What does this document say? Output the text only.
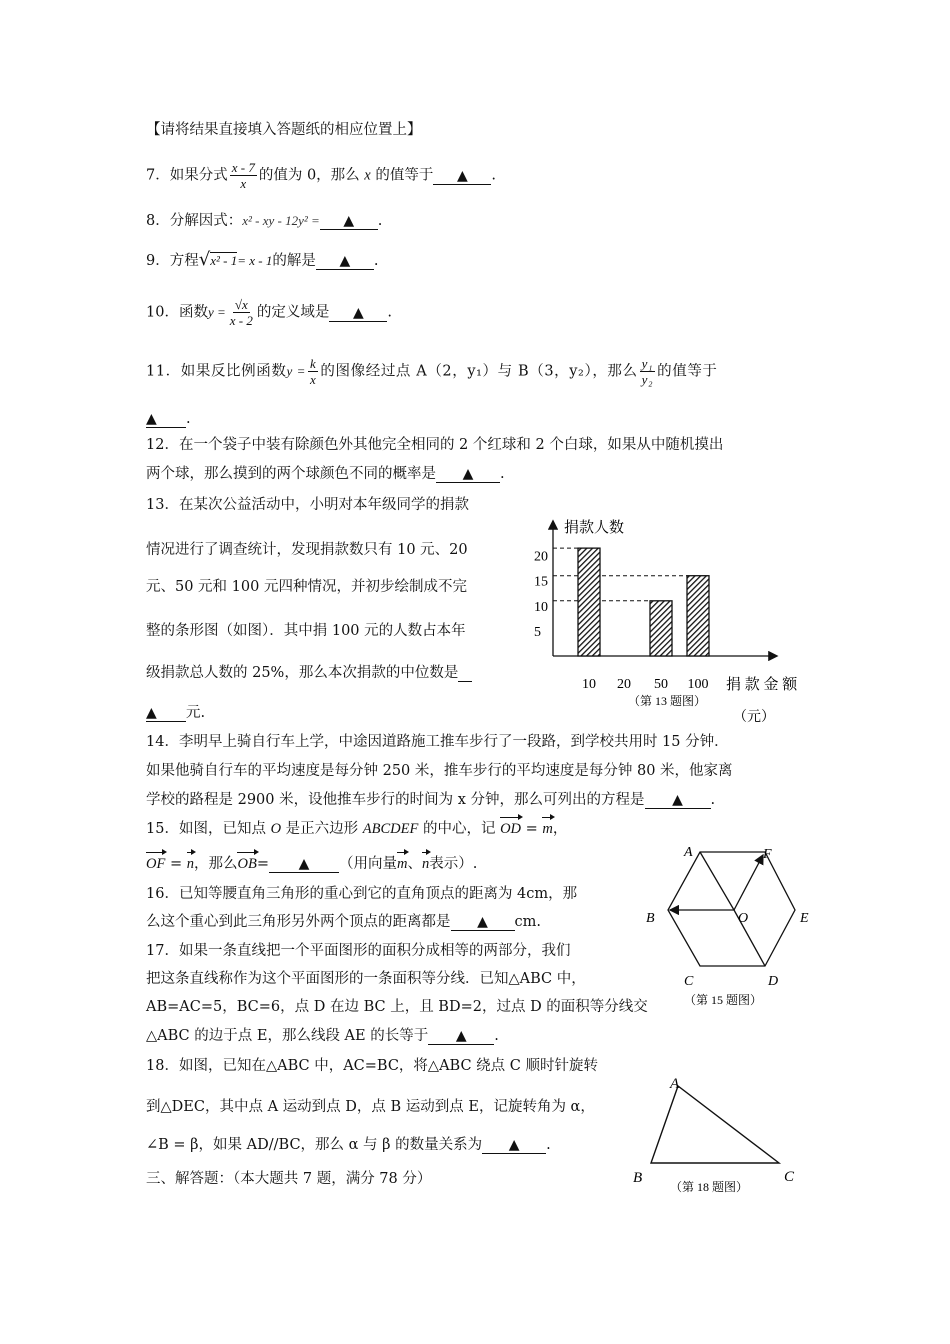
【请将结果直接填入答题纸的相应位置上】
7．如果分式 $\frac{x - 7}{x}$ 的值为 0，那么 x 的值等于 ▲ .
8．分解因式：x² - xy - 12y² = ▲ .
9．方程√x² - 1= x - 1的解是 ▲ .
10．函数$y = \frac{√x}{x - 2}$ 的定义域是 ▲ .
11．如果反比例函数$y = \frac{k}{x}$ 的图像经过点 A（2，y₁）与 B（3，y₂），那么 $\frac{\text{y₁}}{\text{y₂}}$ 的值等于
▲ .
12．在一个袋子中装有除颜色外其他完全相同的 2 个红球和 2 个白球，如果从中随机摸出
两个球，那么摸到的两个球颜色不同的概率是 ▲ .
13．在某次公益活动中，小明对本年级同学的捐款
情况进行了调查统计，发现捐款数只有 10 元、20
元、50 元和 100 元四种情况，并初步绘制成不完
整的条形图（如图）．其中捐 100 元的人数占本年
级捐款总人数的 25%，那么本次捐款的中位数是
▲ 元.
捐款人数
5
10
15
20
10 20 50 100 捐 款 金 额
（元）
（第 13 题图）
14．李明早上骑自行车上学，中途因道路施工推车步行了一段路，到学校共用时 15 分钟．
如果他骑自行车的平均速度是每分钟 250 米，推车步行的平均速度是每分钟 80 米，他家离
学校的路程是 2900 米，设他推车步行的时间为 x 分钟，那么可列出的方程是 ▲ .
15．如图，已知点 O 是正六边形 ABCDEF 的中心，记 OD = m，
OF = n，那么OB= ▲ （用向量m、n表示）.
A	F
E
D
C
B	O
（第 15 题图）
16．已知等腰直角三角形的重心到它的直角顶点的距离为 4cm，那
么这个重心到此三角形另外两个顶点的距离都是 ▲ cm.
17．如果一条直线把一个平面图形的面积分成相等的两部分，我们
把这条直线称作为这个平面图形的一条面积等分线．已知△ABC 中，
AB=AC=5，BC=6，点 D 在边 BC 上，且 BD=2，过点 D 的面积等分线交
△ABC 的边于点 E，那么线段 AE 的长等于 ▲ .
18．如图，已知在△ABC 中，AC=BC，将△ABC 绕点 C 顺时针旋转
到△DEC，其中点 A 运动到点 D，点 B 运动到点 E，记旋转角为 α，
∠B = β，如果 AD//BC，那么 α 与 β 的数量关系为 ▲ .
A
B	C
（第 18 题图）
三、解答题：（本大题共 7 题，满分 78 分）
